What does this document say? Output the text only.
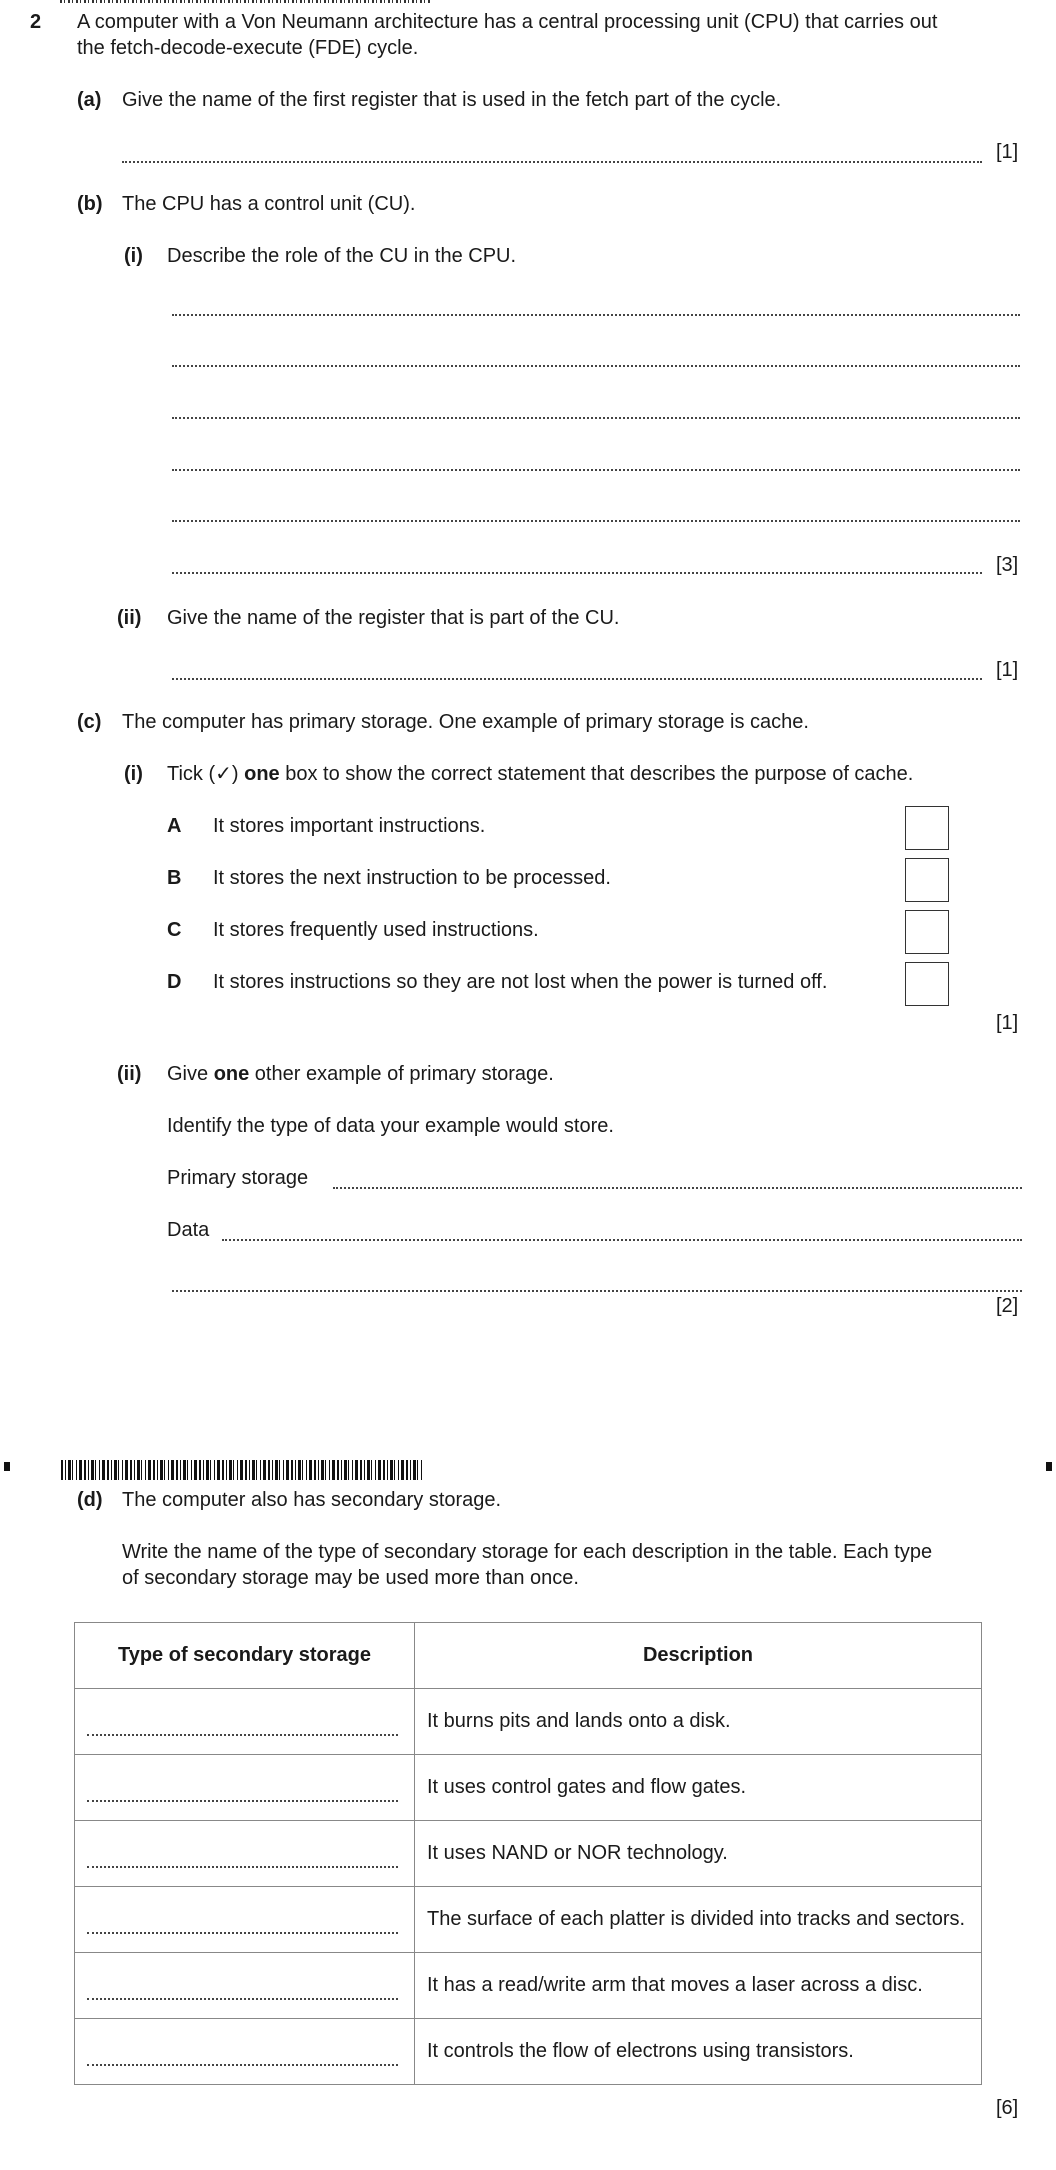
2 A computer with a Von Neumann architecture has a central processing unit (CPU) that carries out
the fetch-decode-execute (FDE) cycle.
(a) Give the name of the first register that is used in the fetch part of the cycle.
[1]
(b) The CPU has a control unit (CU).
(i) Describe the role of the CU in the CPU.
[3]
(ii) Give the name of the register that is part of the CU.
[1]
(c) The computer has primary storage. One example of primary storage is cache.
(i) Tick (✓) one box to show the correct statement that describes the purpose of cache.
A It stores important instructions.
B It stores the next instruction to be processed.
C It stores frequently used instructions.
D It stores instructions so they are not lost when the power is turned off.
[1]
(ii) Give one other example of primary storage.
Identify the type of data your example would store.
Primary storage
Data
[2]
(d) The computer also has secondary storage.
Write the name of the type of secondary storage for each description in the table. Each type
of secondary storage may be used more than once.
Type of secondary storage	Description

	It burns pits and lands onto a disk.

	It uses control gates and flow gates.

	It uses NAND or NOR technology.

	The surface of each platter is divided into tracks and sectors.

	It has a read/write arm that moves a laser across a disc.

	It controls the flow of electrons using transistors.
[6]
